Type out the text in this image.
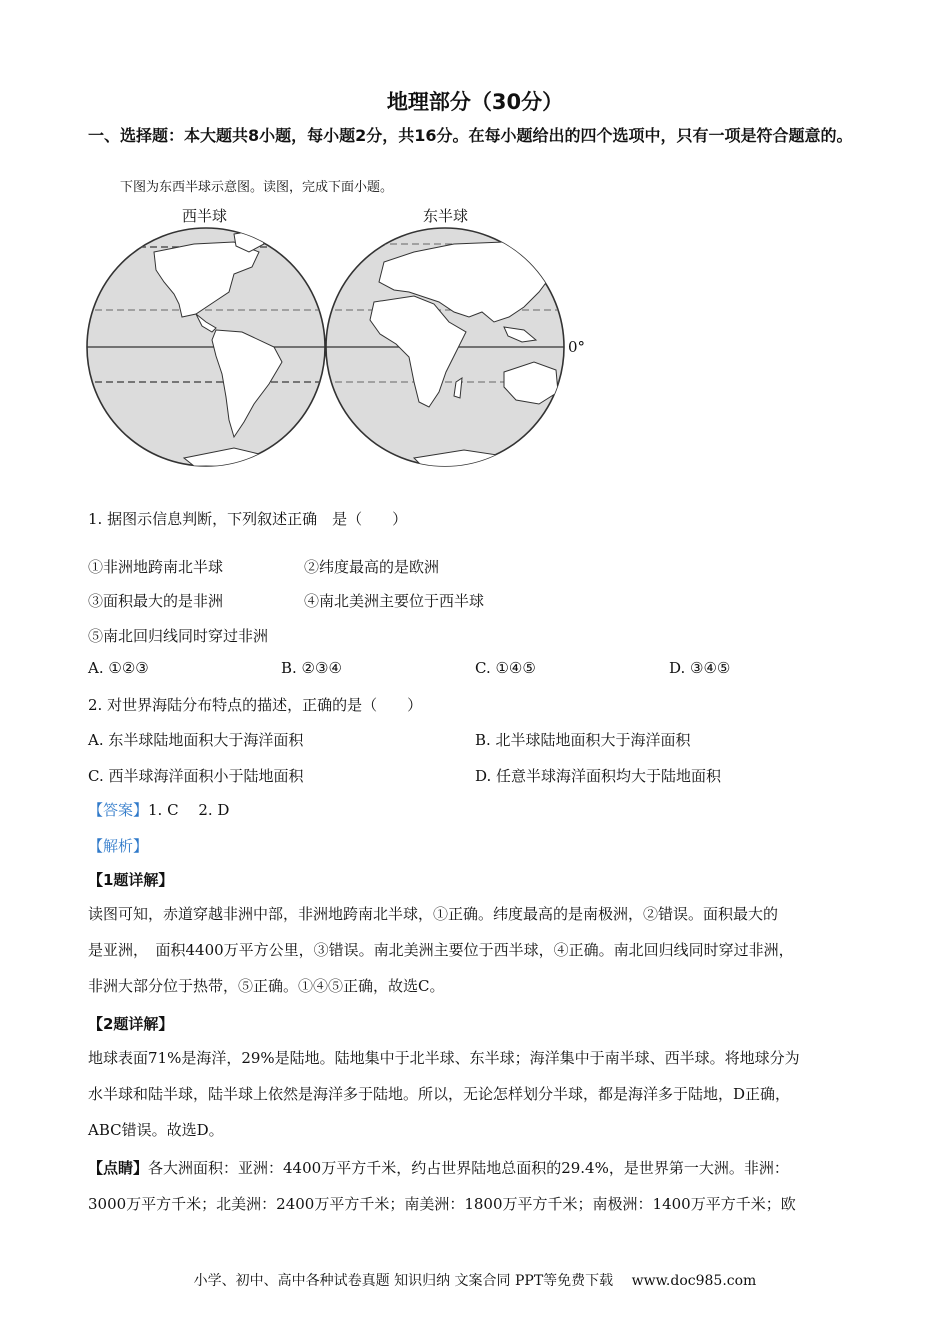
地理部分（30分）
一、选择题：本大题共8小题，每小题2分，共16分。在每小题给出的四个选项中，只有一项是符合题意的。
下图为东西半球示意图。读图，完成下面小题。
西半球	东半球
0°
1. 据图示信息判断，下列叙述正确　是（　　）
①非洲地跨南北半球	②纬度最高的是欧洲
③面积最大的是非洲	④南北美洲主要位于西半球
⑤南北回归线同时穿过非洲
A. ①②③	B. ②③④	C. ①④⑤	D. ③④⑤
2. 对世界海陆分布特点的描述，正确的是（　　）
A. 东半球陆地面积大于海洋面积	B. 北半球陆地面积大于海洋面积
C. 西半球海洋面积小于陆地面积	D. 任意半球海洋面积均大于陆地面积
【答案】1. C　 2. D
【解析】
【1题详解】
读图可知，赤道穿越非洲中部，非洲地跨南北半球，①正确。纬度最高的是南极洲，②错误。面积最大的
是亚洲，　面积4400万平方公里，③错误。南北美洲主要位于西半球，④正确。南北回归线同时穿过非洲，
非洲大部分位于热带，⑤正确。①④⑤正确，故选C。
【2题详解】
地球表面71%是海洋，29%是陆地。陆地集中于北半球、东半球；海洋集中于南半球、西半球。将地球分为
水半球和陆半球，陆半球上依然是海洋多于陆地。所以，无论怎样划分半球，都是海洋多于陆地，D正确，
ABC错误。故选D。
【点睛】各大洲面积：亚洲：4400万平方千米，约占世界陆地总面积的29.4%，是世界第一大洲。非洲：
3000万平方千米；北美洲：2400万平方千米；南美洲：1800万平方千米；南极洲：1400万平方千米；欧
小学、初中、高中各种试卷真题 知识归纳 文案合同 PPT等免费下载　 www.doc985.com
